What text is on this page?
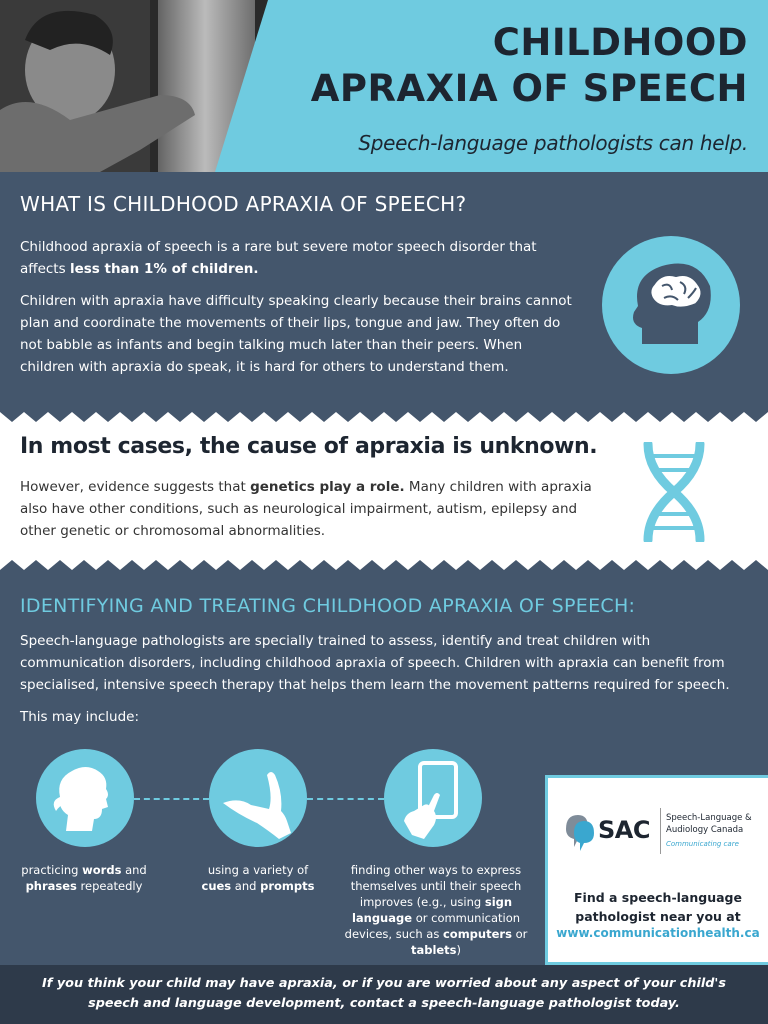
CHILDHOOD
APRAXIA OF SPEECH

Speech-language pathologists can help.

WHAT IS CHILDHOOD APRAXIA OF SPEECH?

Childhood apraxia of speech is a rare but severe motor speech disorder that affects less than 1% of children.

Children with apraxia have difficulty speaking clearly because their brains cannot plan and coordinate the movements of their lips, tongue and jaw. They often do not babble as infants and begin talking much later than their peers. When children with apraxia do speak, it is hard for others to understand them.

In most cases, the cause of apraxia is unknown.

However, evidence suggests that genetics play a role. Many children with apraxia also have other conditions, such as neurological impairment, autism, epilepsy and other genetic or chromosomal abnormalities.

IDENTIFYING AND TREATING CHILDHOOD APRAXIA OF SPEECH:

Speech-language pathologists are specially trained to assess, identify and treat children with communication disorders, including childhood apraxia of speech. Children with apraxia can benefit from specialised, intensive speech therapy that helps them learn the movement patterns required for speech.

This may include:

practicing words and
phrases repeatedly
using a variety of
cues and prompts
finding other ways to express themselves until their speech improves (e.g., using sign language or communication devices, such as computers or tablets)
SAC Speech-Language &
Audiology Canada
Communicating care
Find a speech-language
pathologist near you at
www.communicationhealth.ca

If you think your child may have apraxia, or if you are worried about any aspect of your child's speech and language development, contact a speech-language pathologist today.
